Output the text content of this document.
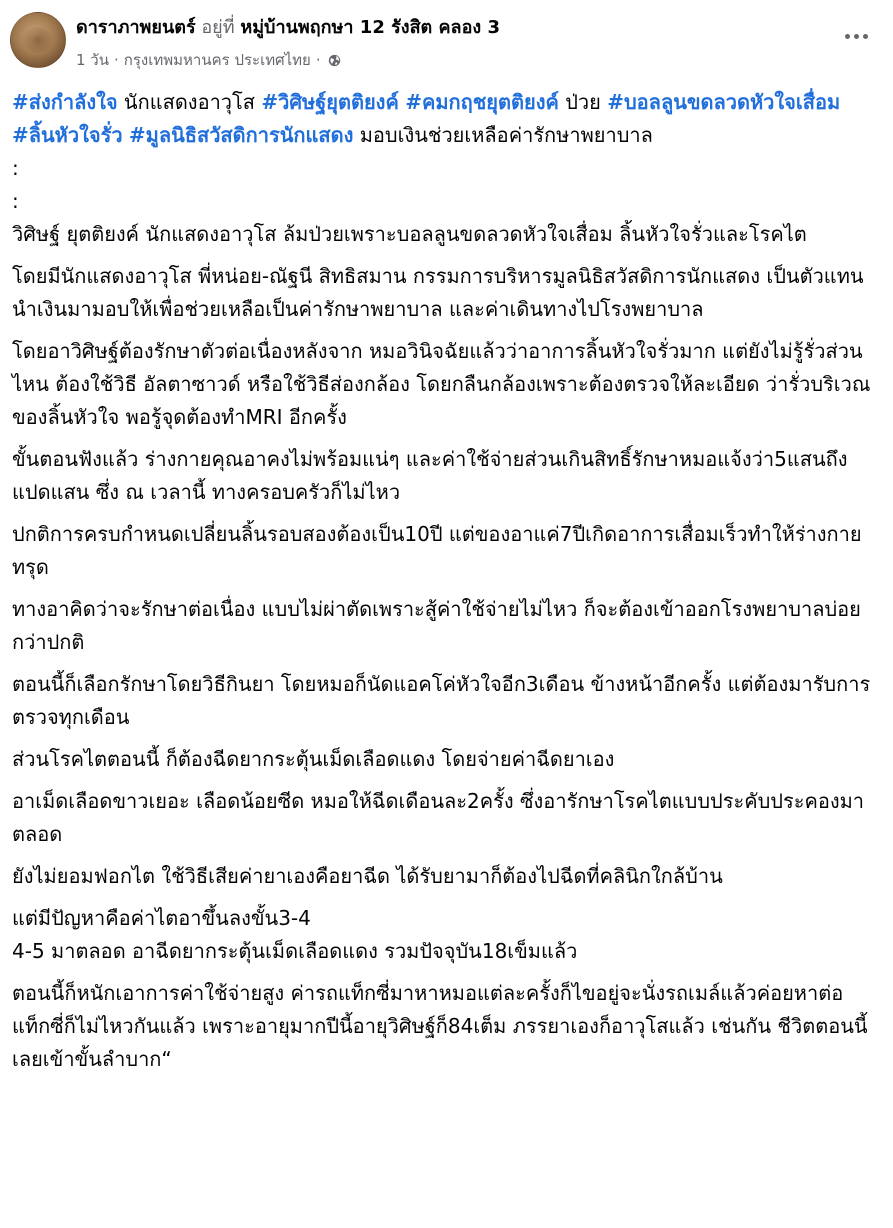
ดาราภาพยนตร์ อยู่ที่ หมู่บ้านพฤกษา 12 รังสิต คลอง 3
1 วัน · กรุงเทพมหานคร ประเทศไทย ·

#ส่งกำลังใจ นักแสดงอาวุโส #วิศิษฐ์ยุตติยงค์ #คมกฤชยุตติยงค์ ป่วย #บอลลูนขดลวดหัวใจเสื่อม #ลิ้นหัวใจรั่ว #มูลนิธิสวัสดิการนักแสดง มอบเงินช่วยเหลือค่ารักษาพยาบาล

:

:

วิศิษฐ์ ยุตติยงค์ นักแสดงอาวุโส ล้มป่วยเพราะบอลลูนขดลวดหัวใจเสื่อม ลิ้นหัวใจรั่วและโรคไต

โดยมีนักแสดงอาวุโส พี่หน่อย-ณัฐนี สิทธิสมาน กรรมการบริหารมูลนิธิสวัสดิการนักแสดง เป็นตัวแทนนำเงินมามอบให้เพื่อช่วยเหลือเป็นค่ารักษาพยาบาล และค่าเดินทางไปโรงพยาบาล

โดยอาวิศิษฐ์ต้องรักษาตัวต่อเนื่องหลังจาก หมอวินิจฉัยแล้วว่าอาการลิ้นหัวใจรั่วมาก แต่ยังไม่รู้รั่วส่วนไหน ต้องใช้วิธี อัลตาซาวด์ หรือใช้วิธีส่องกล้อง โดยกลืนกล้องเพราะต้องตรวจให้ละเอียด ว่ารั่วบริเวณ ของลิ้นหัวใจ พอรู้จุดต้องทำMRI อีกครั้ง

ขั้นตอนฟังแล้ว ร่างกายคุณอาคงไม่พร้อมแน่ๆ และค่าใช้จ่ายส่วนเกินสิทธิ์รักษาหมอแจ้งว่า5แสนถึงแปดแสน ซึ่ง ณ เวลานี้ ทางครอบครัวก็ไม่ไหว

ปกติการครบกำหนดเปลี่ยนลิ้นรอบสองต้องเป็น10ปี แต่ของอาแค่7ปีเกิดอาการเสื่อมเร็วทำให้ร่างกายทรุด

ทางอาคิดว่าจะรักษาต่อเนื่อง แบบไม่ผ่าตัดเพราะสู้ค่าใช้จ่ายไม่ไหว ก็จะต้องเข้าออกโรงพยาบาลบ่อยกว่าปกติ

ตอนนี้ก็เลือกรักษาโดยวิธีกินยา โดยหมอก็นัดแอคโค่หัวใจอีก3เดือน ข้างหน้าอีกครั้ง แต่ต้องมารับการตรวจทุกเดือน

ส่วนโรคไตตอนนี้ ก็ต้องฉีดยากระตุ้นเม็ดเลือดแดง โดยจ่ายค่าฉีดยาเอง

อาเม็ดเลือดขาวเยอะ เลือดน้อยซีด หมอให้ฉีดเดือนละ2ครั้ง ซึ่งอารักษาโรคไตแบบประคับประคองมาตลอด

ยังไม่ยอมฟอกไต ใช้วิธีเสียค่ายาเองคือยาฉีด ได้รับยามาก็ต้องไปฉีดที่คลินิกใกล้บ้าน

แต่มีปัญหาคือค่าไตอาขึ้นลงขั้น3-4

4-5 มาตลอด อาฉีดยากระตุ้นเม็ดเลือดแดง รวมปัจจุบัน18เข็มแล้ว

ตอนนี้ก็หนักเอาการค่าใช้จ่ายสูง ค่ารถแท็กซี่มาหาหมอแต่ละครั้งก็ไขอยู่จะนั่งรถเมล์แล้วค่อยหาต่อแท็กซี่ก็ไม่ไหวกันแล้ว เพราะอายุมากปีนี้อายุวิศิษฐ์ก็84เต็ม ภรรยาเองก็อาวุโสแล้ว เช่นกัน ชีวิตตอนนี้เลยเข้าขั้นลำบาก“
